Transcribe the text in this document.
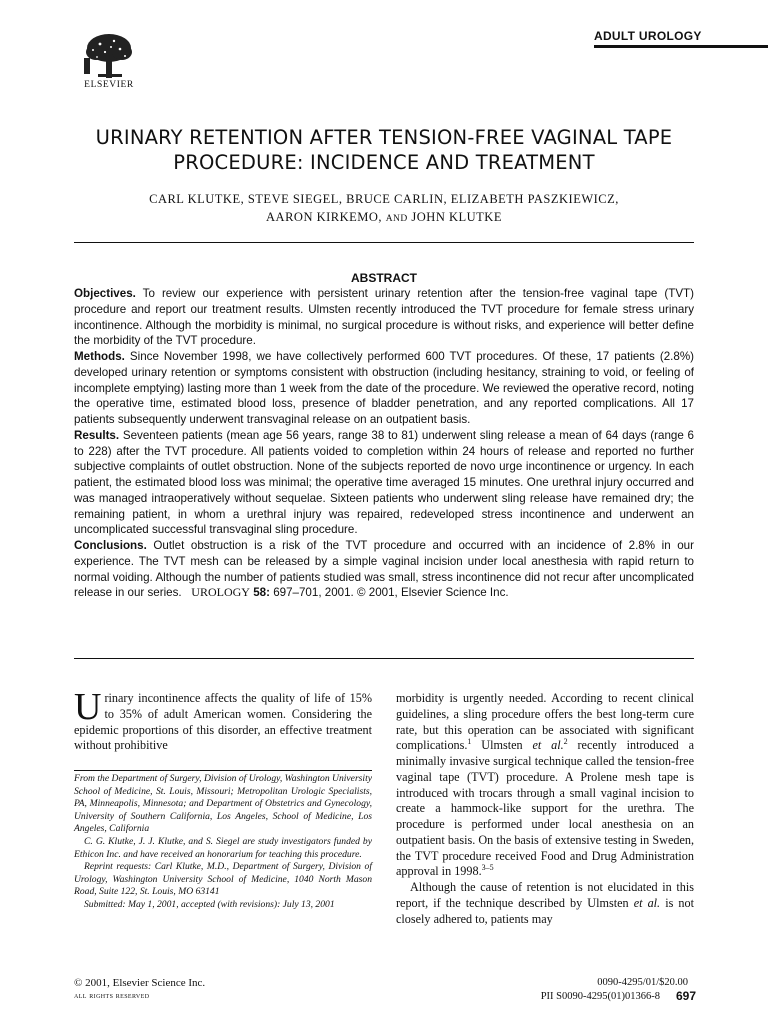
ELSEVIER
ADULT UROLOGY
URINARY RETENTION AFTER TENSION-FREE VAGINAL TAPE
PROCEDURE: INCIDENCE AND TREATMENT
CARL KLUTKE, STEVE SIEGEL, BRUCE CARLIN, ELIZABETH PASZKIEWICZ,
AARON KIRKEMO, AND JOHN KLUTKE
ABSTRACT

Objectives. To review our experience with persistent urinary retention after the tension-free vaginal tape (TVT) procedure and report our treatment results. Ulmsten recently introduced the TVT procedure for female stress urinary incontinence. Although the morbidity is minimal, no surgical procedure is without risks, and experience will better define the morbidity of the TVT procedure.

Methods. Since November 1998, we have collectively performed 600 TVT procedures. Of these, 17 patients (2.8%) developed urinary retention or symptoms consistent with obstruction (including hesitancy, straining to void, or feeling of incomplete emptying) lasting more than 1 week from the date of the procedure. We reviewed the operative record, noting the operative time, estimated blood loss, presence of bladder penetration, and any reported complications. All 17 patients subsequently underwent transvaginal release on an outpatient basis.

Results. Seventeen patients (mean age 56 years, range 38 to 81) underwent sling release a mean of 64 days (range 6 to 228) after the TVT procedure. All patients voided to completion within 24 hours of release and reported no further subjective complaints of outlet obstruction. None of the subjects reported de novo urge incontinence or urgency. In each patient, the estimated blood loss was minimal; the operative time averaged 15 minutes. One urethral injury occurred and was managed intraoperatively without sequelae. Sixteen patients who underwent sling release have remained dry; the remaining patient, in whom a urethral injury was repaired, redeveloped stress incontinence and underwent an uncomplicated successful transvaginal sling procedure.

Conclusions. Outlet obstruction is a risk of the TVT procedure and occurred with an incidence of 2.8% in our experience. The TVT mesh can be released by a simple vaginal incision under local anesthesia with rapid return to normal voiding. Although the number of patients studied was small, stress incontinence did not recur after uncomplicated release in our series. UROLOGY 58: 697–701, 2001. © 2001, Elsevier Science Inc.

Urinary incontinence affects the quality of life of 15% to 35% of adult American women. Considering the epidemic proportions of this disorder, an effective treatment without prohibitive

From the Department of Surgery, Division of Urology, Washington University School of Medicine, St. Louis, Missouri; Metropolitan Urologic Specialists, PA, Minneapolis, Minnesota; and Department of Obstetrics and Gynecology, University of Southern California, Los Angeles, School of Medicine, Los Angeles, California

C. G. Klutke, J. J. Klutke, and S. Siegel are study investigators funded by Ethicon Inc. and have received an honorarium for teaching this procedure.

Reprint requests: Carl Klutke, M.D., Department of Surgery, Division of Urology, Washington University School of Medicine, 1040 North Mason Road, Suite 122, St. Louis, MO 63141

Submitted: May 1, 2001, accepted (with revisions): July 13, 2001

morbidity is urgently needed. According to recent clinical guidelines, a sling procedure offers the best long-term cure rate, but this operation can be associated with significant complications.$^1$ Ulmsten et al.$^2$ recently introduced a minimally invasive surgical technique called the tension-free vaginal tape (TVT) procedure. A Prolene mesh tape is introduced with trocars through a small vaginal incision to create a hammock-like support for the urethra. The procedure is performed under local anesthesia on an outpatient basis. On the basis of extensive testing in Sweden, the TVT procedure received Food and Drug Administration approval in 1998.$^{3-5}$

Although the cause of retention is not elucidated in this report, if the technique described by Ulmsten et al. is not closely adhered to, patients may

© 2001, Elsevier Science Inc.
all rights reserved
0090-4295/01/$20.00
PII S0090-4295(01)01366-8	697
